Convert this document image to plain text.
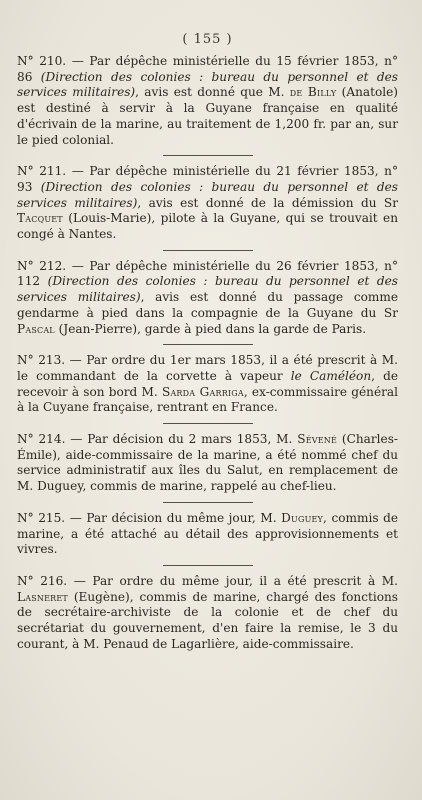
( 155 )

N° 210. — Par dépêche ministérielle du 15 février 1853, n° 86 (Direction des colonies : bureau du personnel et des services militaires), avis est donné que M. de Billy (Anatole) est destiné à servir à la Guyane française en qualité d'écrivain de la marine, au traitement de 1,200 fr. par an, sur le pied colonial.

N° 211. — Par dépêche ministérielle du 21 février 1853, n° 93 (Direction des colonies : bureau du personnel et des services militaires), avis est donné de la démission du Sr Tacquet (Louis-Marie), pilote à la Guyane, qui se trouvait en congé à Nantes.

N° 212. — Par dépêche ministérielle du 26 février 1853, n° 112 (Direction des colonies : bureau du personnel et des services militaires), avis est donné du passage comme gendarme à pied dans la compagnie de la Guyane du Sr Pascal (Jean-Pierre), garde à pied dans la garde de Paris.

N° 213. — Par ordre du 1er mars 1853, il a été prescrit à M. le commandant de la corvette à vapeur le Caméléon, de recevoir à son bord M. Sarda Garriga, ex-commissaire général à la Cuyane française, rentrant en France.

N° 214. — Par décision du 2 mars 1853, M. Sévené (Charles-Émile), aide-commissaire de la marine, a été nommé chef du service administratif aux îles du Salut, en remplacement de M. Duguey, commis de marine, rappelé au chef-lieu.

N° 215. — Par décision du même jour, M. Duguey, commis de marine, a été attaché au détail des approvisionnements et vivres.

N° 216. — Par ordre du même jour, il a été prescrit à M. Lasneret (Eugène), commis de marine, chargé des fonctions de secrétaire-archiviste de la colonie et de chef du secrétariat du gouvernement, d'en faire la remise, le 3 du courant, à M. Penaud de Lagarlière, aide-commissaire.
